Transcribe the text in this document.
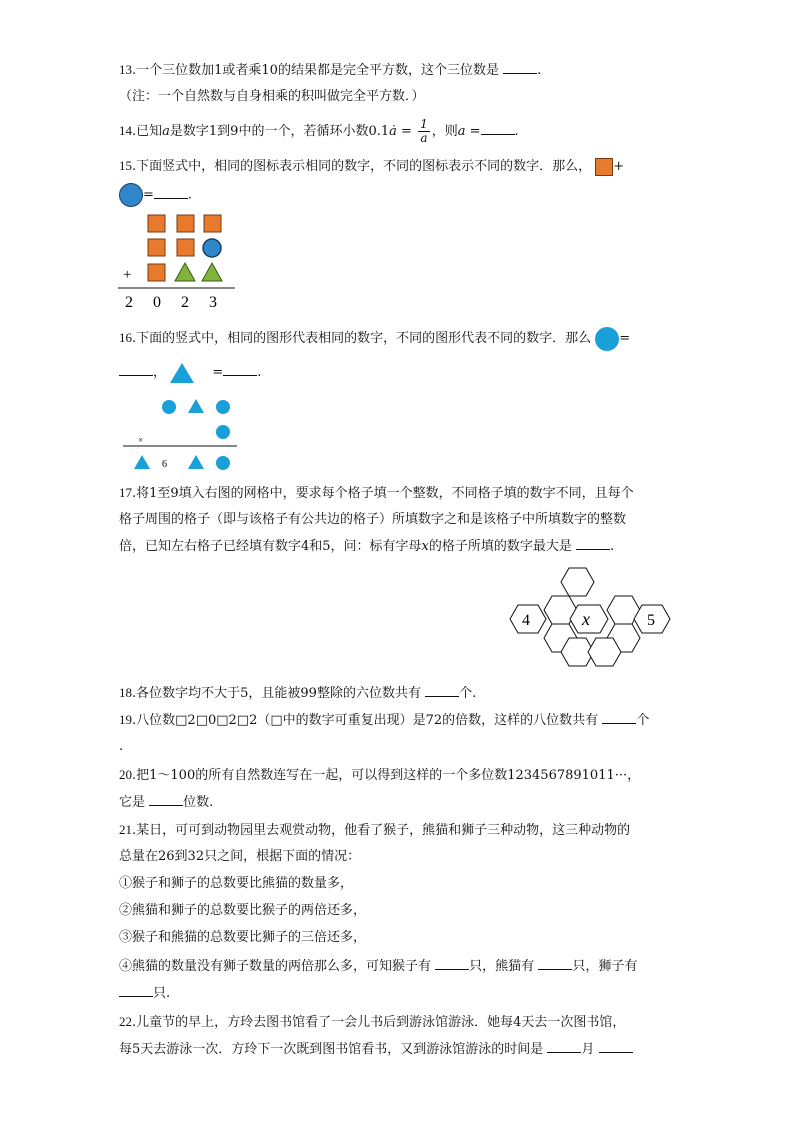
13.一个三位数加1或者乘10的结果都是完全平方数，这个三位数是	.
（注：一个自然数与自身相乘的积叫做完全平方数．）
14.已知a是数字1到9中的一个，若循环小数0.1ȧ = $\frac{1}{a}$ ，则a =	.
15.下面竖式中，相同的图标表示相同的数字，不同的图标表示不同的数字．那么， +
=	.
+
2 0 2 3
16.下面的竖式中，相同的图形代表相同的数字，不同的图形代表不同的数字．那么 =
，	=	.
×
6
17.将1至9填入右图的网格中，要求每个格子填一个整数，不同格子填的数字不同，且每个
格子周围的格子（即与该格子有公共边的格子）所填数字之和是该格子中所填数字的整数
倍，已知左右格子已经填有数字4和5，问：标有字母x的格子所填的数字最大是	.
4	x	5
18.各位数字均不大于5，且能被99整除的六位数共有	个.
19.八位数□2□0□2□2（□中的数字可重复出现）是72的倍数，这样的八位数共有	个
.
20.把1～100的所有自然数连写在一起，可以得到这样的一个多位数1234567891011···，
它是	位数.
21.某日，可可到动物园里去观赏动物，他看了猴子，熊猫和狮子三种动物，这三种动物的
总量在26到32只之间，根据下面的情况：
①猴子和狮子的总数要比熊猫的数量多，
②熊猫和狮子的总数要比猴子的两倍还多，
③猴子和熊猫的总数要比狮子的三倍还多，
④熊猫的数量没有狮子数量的两倍那么多，可知猴子有	只，熊猫有	只，狮子有
只.
22.儿童节的早上，方玲去图书馆看了一会儿书后到游泳馆游泳．她每4天去一次图书馆，
每5天去游泳一次．方玲下一次既到图书馆看书，又到游泳馆游泳的时间是	月
